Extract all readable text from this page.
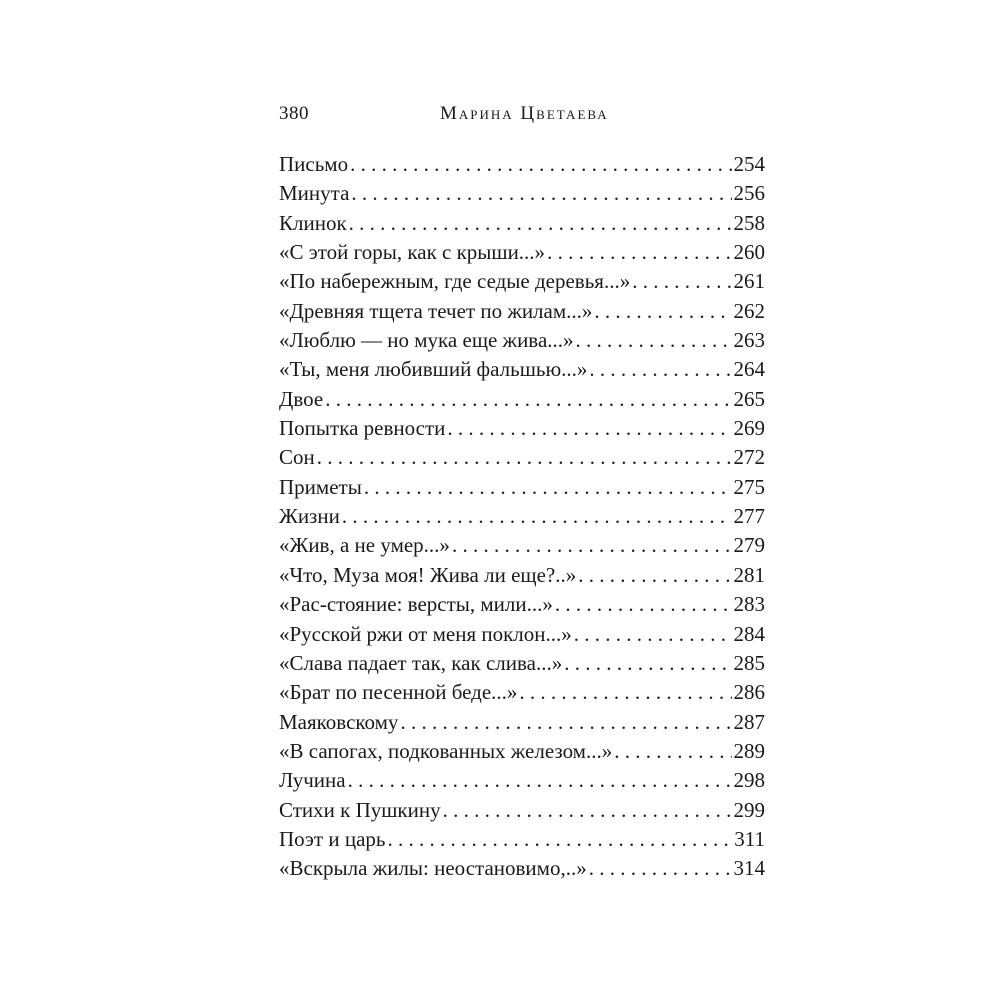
380	Марина Цветаева
Письмо . . .	254
Минута . . .	256
Клинок . . .	258
«С этой горы, как с крыши...» . . .	260
«По набережным, где седые деревья...» . . .	261
«Древняя тщета течет по жилам...» . . .	262
«Люблю — но мука еще жива...» . . .	263
«Ты, меня любивший фальшью...» . . .	264
Двое . . .	265
Попытка ревности . . .	269
Сон . . .	272
Приметы . . .	275
Жизни . . .	277
«Жив, а не умер...» . . .	279
«Что, Муза моя! Жива ли еще?..» . . .	281
«Рас-стояние: версты, мили...» . . .	283
«Русской ржи от меня поклон...» . . .	284
«Слава падает так, как слива...» . . .	285
«Брат по песенной беде...» . . .	286
Маяковскому . . .	287
«В сапогах, подкованных железом...» . . .	289
Лучина . . .	298
Стихи к Пушкину . . .	299
Поэт и царь . . .	311
«Вскрыла жилы: неостановимо,..» . . .	314
